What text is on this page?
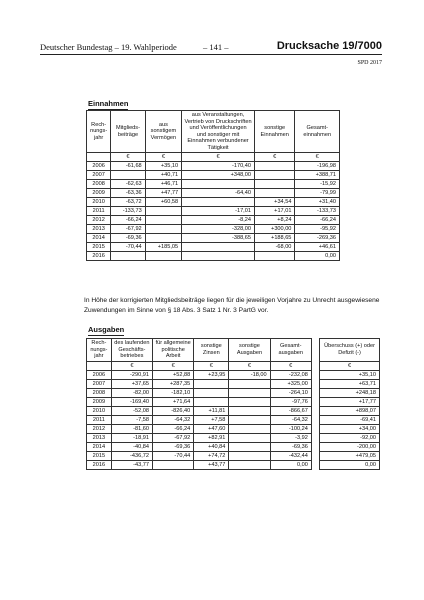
Deutscher Bundestag – 19. Wahlperiode	– 141 –	Drucksache 19/7000
SPD 2017
Einnahmen
Rech-nungs-jahr	Mitglieds-beiträge	aus sonstigem Vermögen	aus Veranstaltungen, Vertrieb von Druckschriften und Veröffentlichungen und sonstiger mit Einnahmen verbundener Tätigkeit	sonstige Einnahmen	Gesamt-einnahmen
	€	€	€	€	€
2006	-61,68	+35,10	-170,40		-196,98
2007		+40,71	+348,00		+388,71
2008	-62,63	+46,71			-15,92
2009	-63,36	+47,77	-64,40		-79,99
2010	-63,72	+60,58		+34,54	+31,40
2011	-133,73		-17,01	+17,01	-133,73
2012	-66,24		-8,24	+8,24	-66,24
2013	-67,92		-328,00	+300,00	-95,92
2014	-69,36		-388,65	+188,65	-269,36
2015	-70,44	+185,05		-68,00	+46,61
2016					0,00
In Höhe der korrigierten Mitgliedsbeiträge liegen für die jeweiligen Vorjahre zu Unrecht ausgewiesene Zuwendungen im Sinne von § 18 Abs. 3 Satz 1 Nr. 3 PartG vor.
Ausgaben
Rech-nungs-jahr	des laufenden Geschäfts-betriebes	für allgemeine politische Arbeit	sonstige Zinsen	sonstige Ausgaben	Gesamt-ausgaben		Überschuss (+) oder Defizit (-)
	€	€	€	€	€		€
2006	-290,91	+52,88	+23,95	-18,00	-232,08		+35,10
2007	+37,65	+287,35			+325,00		+63,71
2008	-82,00	-182,10			-264,10		+248,18
2009	-169,40	+71,64			-97,76		+17,77
2010	-52,08	-826,40	+11,81		-866,67		+898,07
2011	-7,58	-64,32	+7,58		-64,32		-69,41
2012	-81,60	-66,24	+47,60		-100,24		+34,00
2013	-18,91	-67,92	+82,91		-3,92		-92,00
2014	-40,84	-69,36	+40,84		-69,36		-200,00
2015	-436,72	-70,44	+74,72		-432,44		+479,05
2016	-43,77		+43,77		0,00		0,00
